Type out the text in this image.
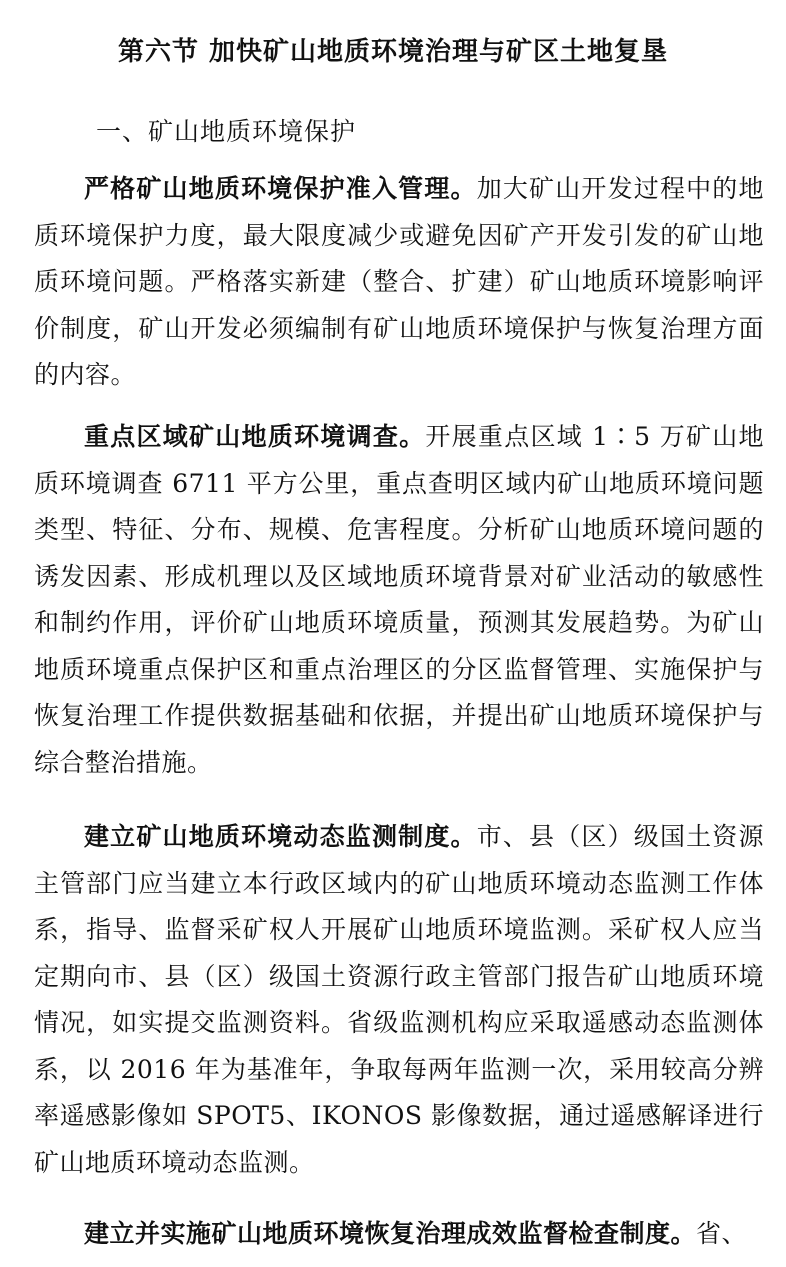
第六节 加快矿山地质环境治理与矿区土地复垦
一、矿山地质环境保护

严格矿山地质环境保护准入管理。加大矿山开发过程中的地质环境保护力度，最大限度减少或避免因矿产开发引发的矿山地质环境问题。严格落实新建（整合、扩建）矿山地质环境影响评价制度，矿山开发必须编制有矿山地质环境保护与恢复治理方面的内容。

重点区域矿山地质环境调查。开展重点区域 1∶5 万矿山地质环境调查 6711 平方公里，重点查明区域内矿山地质环境问题类型、特征、分布、规模、危害程度。分析矿山地质环境问题的诱发因素、形成机理以及区域地质环境背景对矿业活动的敏感性和制约作用，评价矿山地质环境质量，预测其发展趋势。为矿山地质环境重点保护区和重点治理区的分区监督管理、实施保护与恢复治理工作提供数据基础和依据，并提出矿山地质环境保护与综合整治措施。

建立矿山地质环境动态监测制度。市、县（区）级国土资源主管部门应当建立本行政区域内的矿山地质环境动态监测工作体系，指导、监督采矿权人开展矿山地质环境监测。采矿权人应当定期向市、县（区）级国土资源行政主管部门报告矿山地质环境情况，如实提交监测资料。省级监测机构应采取遥感动态监测体系，以 2016 年为基准年，争取每两年监测一次，采用较高分辨率遥感影像如 SPOT5、IKONOS 影像数据，通过遥感解译进行矿山地质环境动态监测。

建立并实施矿山地质环境恢复治理成效监督检查制度。省、
